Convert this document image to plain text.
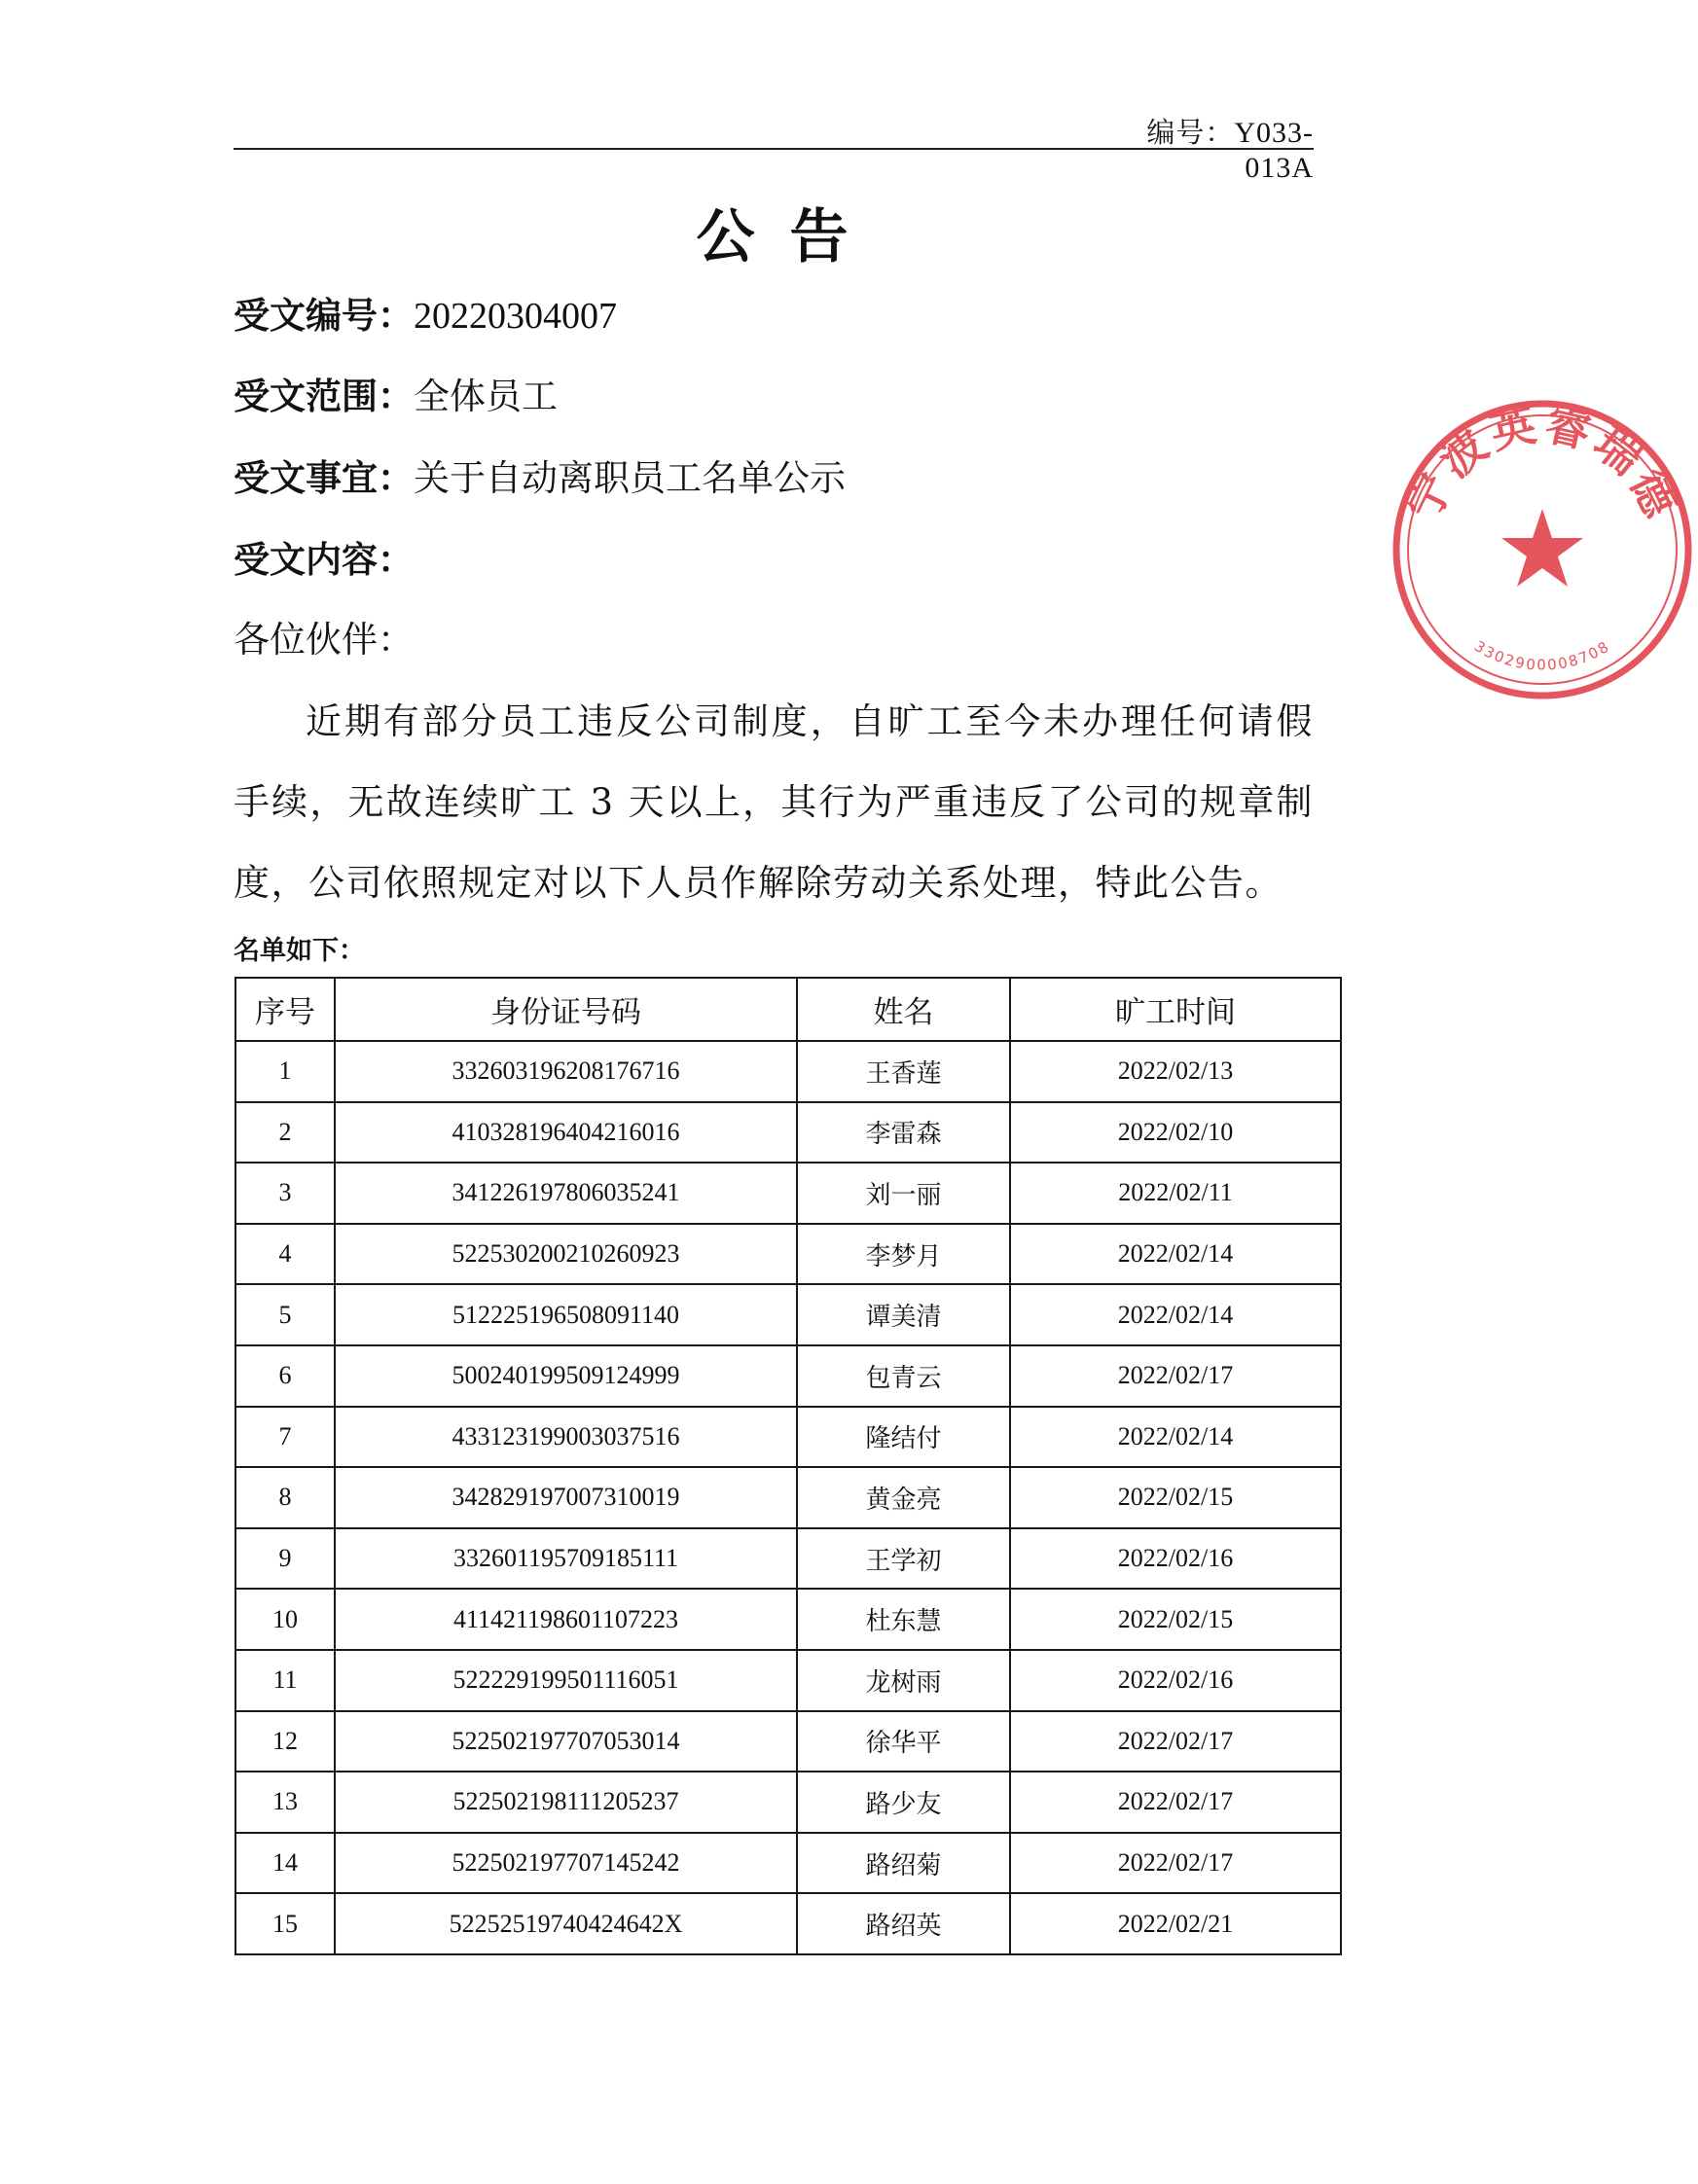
编号：Y033-013A
公告
受文编号：20220304007
受文范围：全体员工
受文事宜：关于自动离职员工名单公示
受文内容：
各位伙伴：
近期有部分员工违反公司制度，自旷工至今未办理任何请假手续，无故连续旷工 3 天以上，其行为严重违反了公司的规章制度，公司依照规定对以下人员作解除劳动关系处理，特此公告。
名单如下：
序号	身份证号码	姓名	旷工时间
1	332603196208176716	王香莲	2022/02/13
2	410328196404216016	李雷森	2022/02/10
3	341226197806035241	刘一丽	2022/02/11
4	522530200210260923	李梦月	2022/02/14
5	512225196508091140	谭美清	2022/02/14
6	500240199509124999	包青云	2022/02/17
7	433123199003037516	隆结付	2022/02/14
8	342829197007310019	黄金亮	2022/02/15
9	332601195709185111	王学初	2022/02/16
10	411421198601107223	杜东慧	2022/02/15
11	522229199501116051	龙树雨	2022/02/16
12	522502197707053014	徐华平	2022/02/17
13	522502198111205237	路少友	2022/02/17
14	522502197707145242	路绍菊	2022/02/17
15	52252519740424642X	路绍英	2022/02/21
宁波英睿瑞德
3302900008708
